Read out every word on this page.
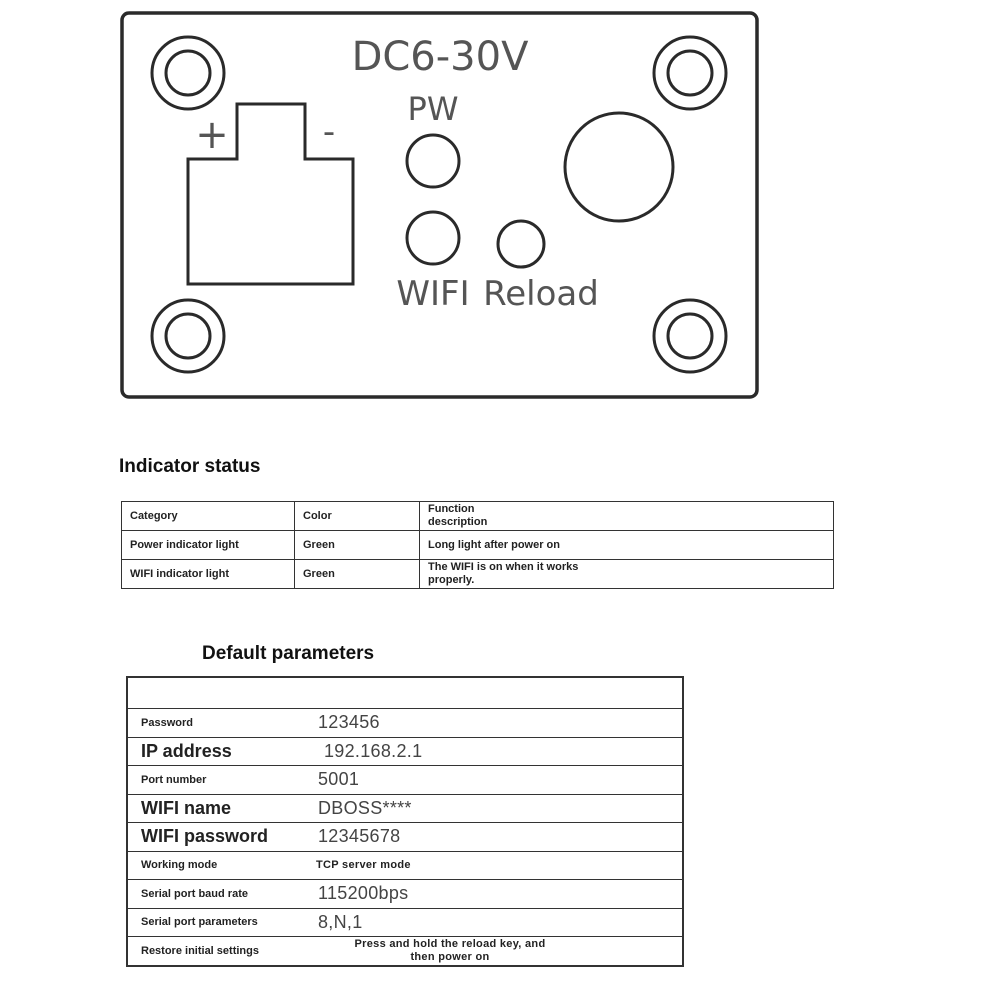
+	-
DC6-30V
PW
WIFI Reload
Indicator status
Category	Color	Function
description
Power indicator light	Green	Long light after power on
WIFI indicator light	Green	The WIFI is on when it works
properly.
Default parameters

Password	123456
IP address	192.168.2.1
Port number	5001
WIFI name	DBOSS****
WIFI password	12345678
Working mode	TCP server mode
Serial port baud rate	115200bps
Serial port parameters	8,N,1
Restore initial settings	Press and hold the reload key, and
then power on
